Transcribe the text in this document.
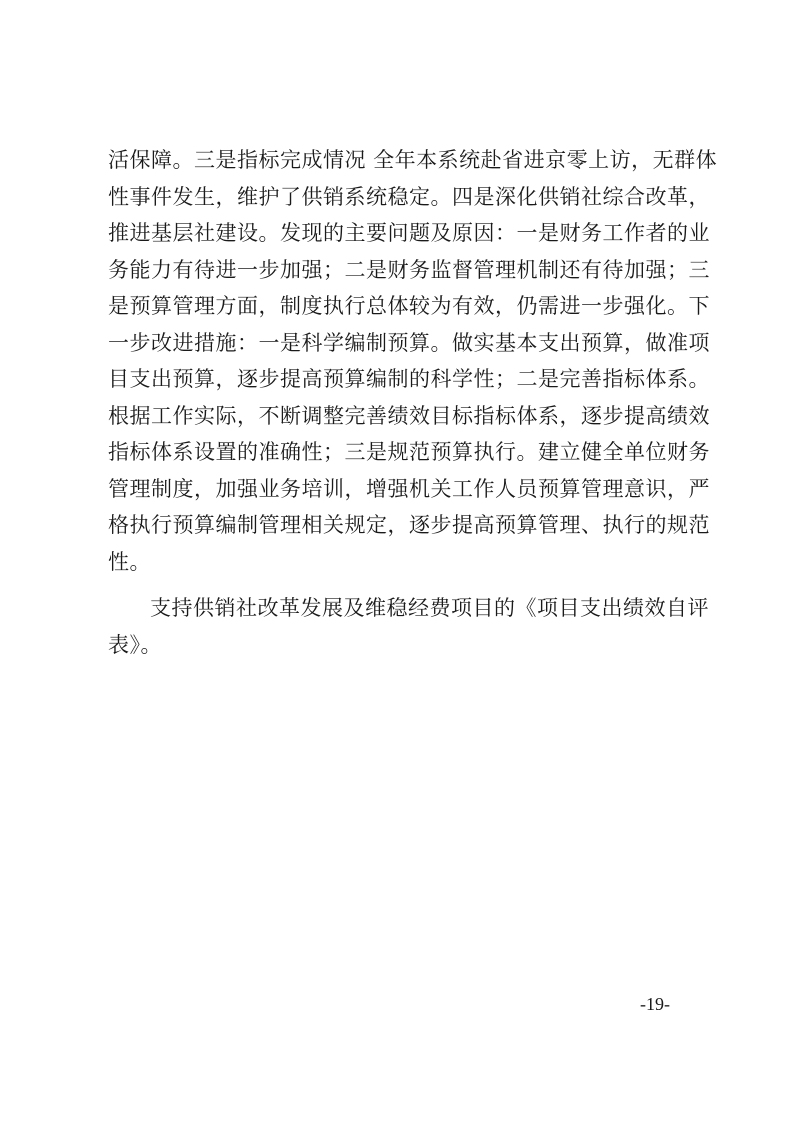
活保障。三是指标完成情况 全年本系统赴省进京零上访，无群体
性事件发生，维护了供销系统稳定。四是深化供销社综合改革，
推进基层社建设。发现的主要问题及原因：一是财务工作者的业
务能力有待进一步加强；二是财务监督管理机制还有待加强；三
是预算管理方面，制度执行总体较为有效，仍需进一步强化。下
一步改进措施：一是科学编制预算。做实基本支出预算，做准项
目支出预算，逐步提高预算编制的科学性；二是完善指标体系。
根据工作实际，不断调整完善绩效目标指标体系，逐步提高绩效
指标体系设置的准确性；三是规范预算执行。建立健全单位财务
管理制度，加强业务培训，增强机关工作人员预算管理意识，严
格执行预算编制管理相关规定，逐步提高预算管理、执行的规范
性。
支持供销社改革发展及维稳经费项目的《项目支出绩效自评
表》。
-19-
